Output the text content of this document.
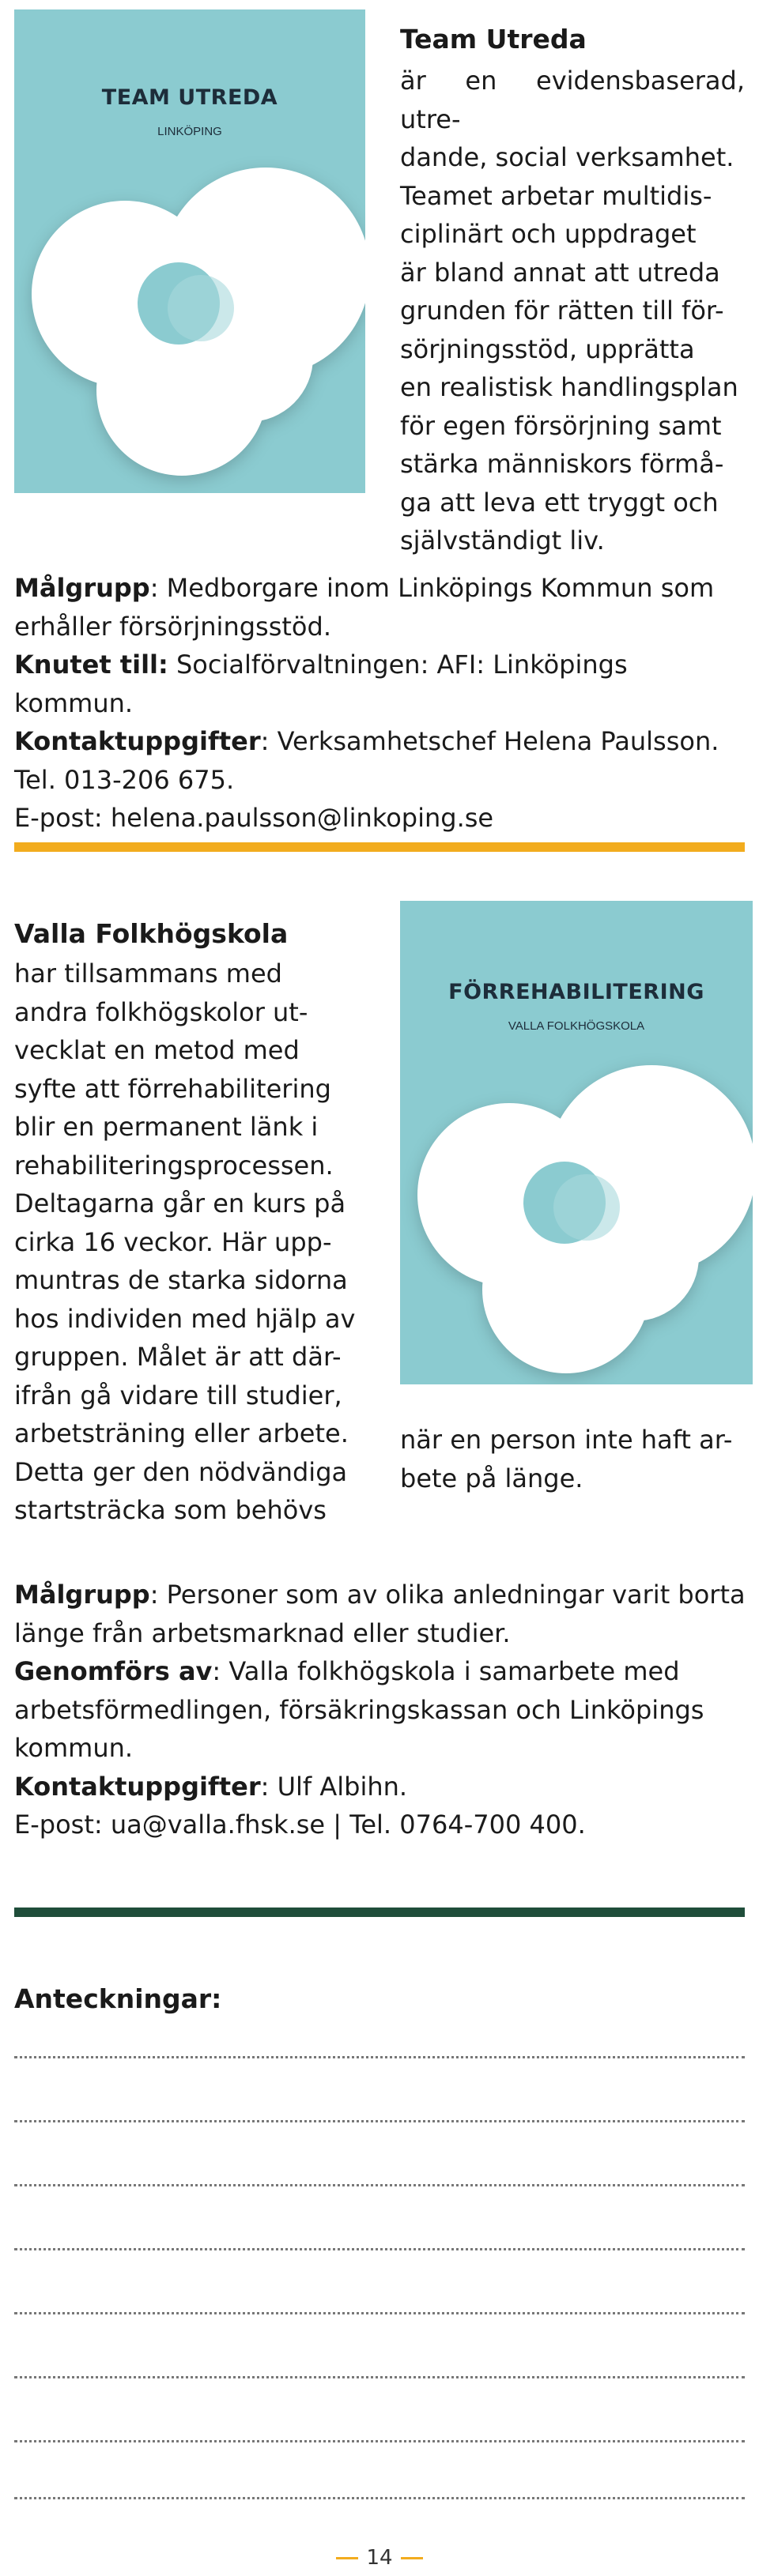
TEAM UTREDA
LINKÖPING
Team Utreda
är en evidensbaserad, utre-
dande, social verksamhet.
Teamet arbetar multidis-
ciplinärt och uppdraget
är bland annat att utreda
grunden för rätten till för-
sörjningsstöd, upprätta
en realistisk handlingsplan
för egen försörjning samt
stärka människors förmå-
ga att leva ett tryggt och
självständigt liv.
Målgrupp: Medborgare inom Linköpings Kommun som
erhåller försörjningsstöd.
Knutet till: Socialförvaltningen: AFI: Linköpings kommun.
Kontaktuppgifter: Verksamhetschef Helena Paulsson.
Tel. 013-206 675.
E-post: helena.paulsson@linkoping.se
Valla Folkhögskola
har tillsammans med
andra folkhögskolor ut-
vecklat en metod med
syfte att förrehabilitering
blir en permanent länk i
rehabiliteringsprocessen.
Deltagarna går en kurs på
cirka 16 veckor. Här upp-
muntras de starka sidorna
hos individen med hjälp av
gruppen. Målet är att där-
ifrån gå vidare till studier,
arbetsträning eller arbete.
Detta ger den nödvändiga
startsträcka som behövs
FÖRREHABILITERING
VALLA FOLKHÖGSKOLA
när en person inte haft ar-
bete på länge.
Målgrupp: Personer som av olika anledningar varit borta
länge från arbetsmarknad eller studier.
Genomförs av: Valla folkhögskola i samarbete med
arbetsförmedlingen, försäkringskassan och Linköpings
kommun.
Kontaktuppgifter: Ulf Albihn.
E-post: ua@valla.fhsk.se | Tel. 0764-700 400.
Anteckningar:
14
